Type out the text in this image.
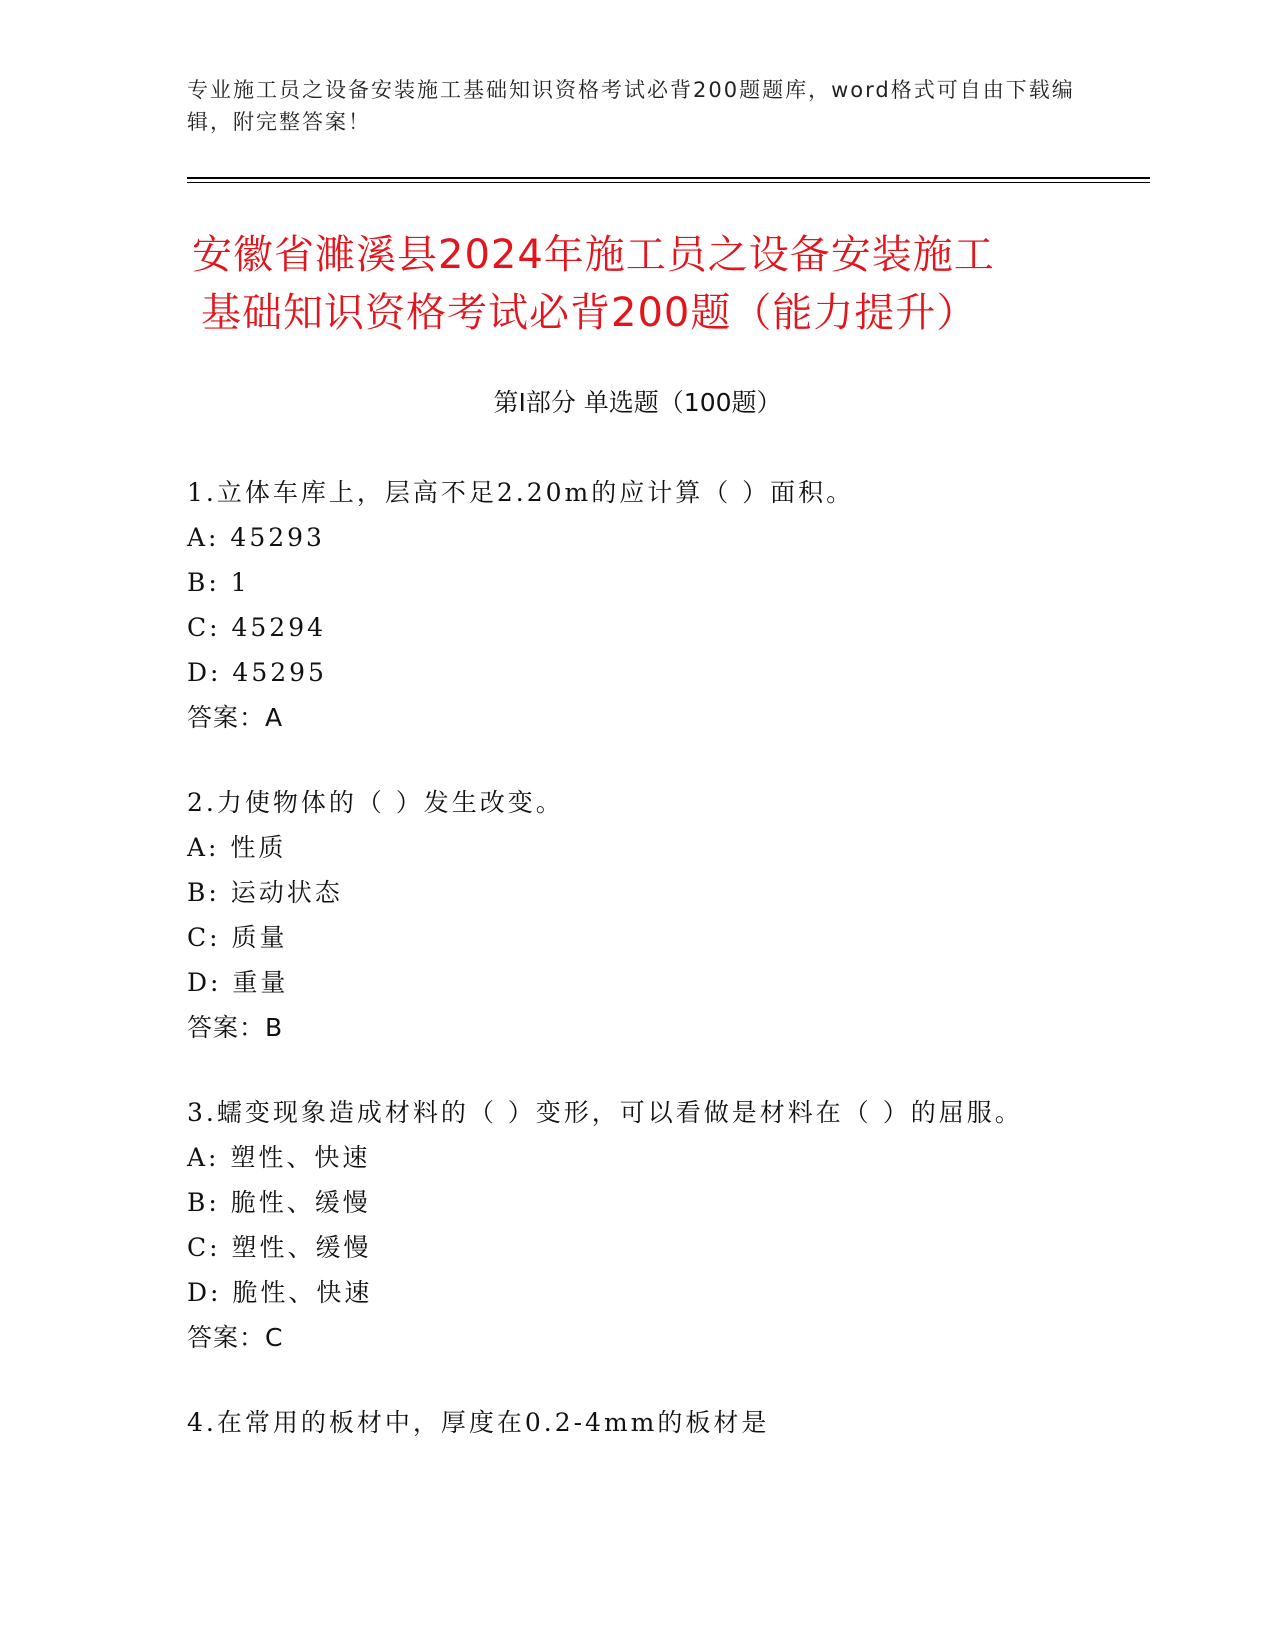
专业施工员之设备安装施工基础知识资格考试必背200题题库，word格式可自由下载编辑，附完整答案！
安徽省濉溪县2024年施工员之设备安装施工
基础知识资格考试必背200题（能力提升）
第Ⅰ部分 单选题（100题）
1.立体车库上，层高不足2.20m的应计算（ ）面积。
A: 45293
B: 1
C: 45294
D: 45295
答案：A
2.力使物体的（ ）发生改变。
A: 性质
B: 运动状态
C: 质量
D: 重量
答案：B
3.蠕变现象造成材料的（ ）变形，可以看做是材料在（ ）的屈服。
A: 塑性、快速
B: 脆性、缓慢
C: 塑性、缓慢
D: 脆性、快速
答案：C
4.在常用的板材中，厚度在0.2-4mm的板材是
